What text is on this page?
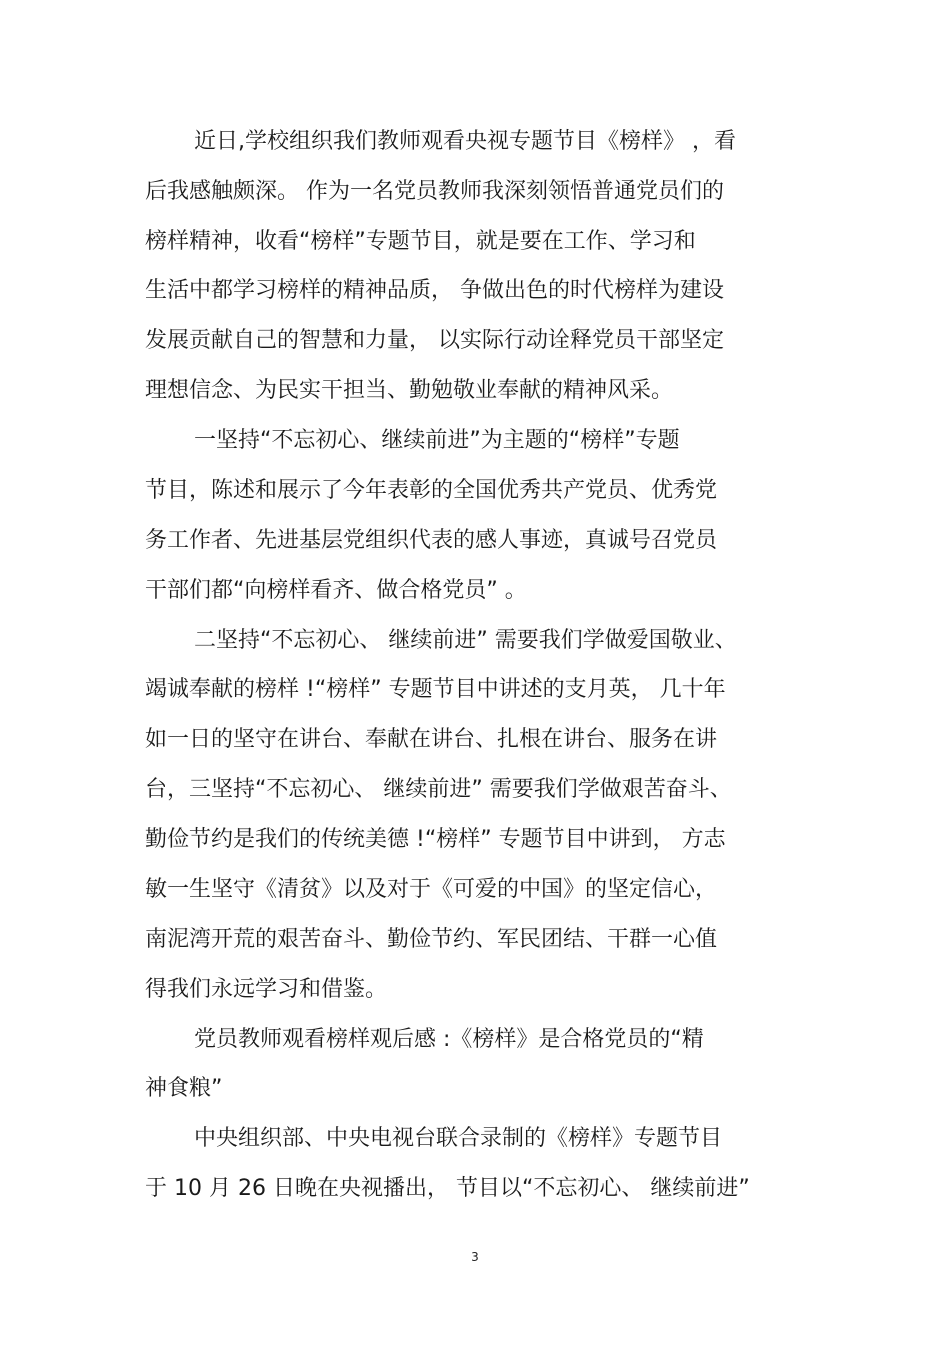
近日,学校组织我们教师观看央视专题节目《榜样》 ，看
后我感触颇深。 作为一名党员教师我深刻领悟普通党员们的
榜样精神，收看“榜样”专题节目，就是要在工作、学习和
生活中都学习榜样的精神品质， 争做出色的时代榜样为建设
发展贡献自己的智慧和力量， 以实际行动诠释党员干部坚定
理想信念、为民实干担当、勤勉敬业奉献的精神风采。
一坚持“不忘初心、继续前进”为主题的“榜样”专题
节目，陈述和展示了今年表彰的全国优秀共产党员、优秀党
务工作者、先进基层党组织代表的感人事迹，真诚号召党员
干部们都“向榜样看齐、做合格党员” 。
二坚持“不忘初心、 继续前进” 需要我们学做爱国敬业、
竭诚奉献的榜样 !“榜样” 专题节目中讲述的支月英， 几十年
如一日的坚守在讲台、奉献在讲台、扎根在讲台、服务在讲
台，三坚持“不忘初心、 继续前进” 需要我们学做艰苦奋斗、
勤俭节约是我们的传统美德 !“榜样” 专题节目中讲到， 方志
敏一生坚守《清贫》以及对于《可爱的中国》的坚定信心，
南泥湾开荒的艰苦奋斗、勤俭节约、军民团结、干群一心值
得我们永远学习和借鉴。
党员教师观看榜样观后感 :《榜样》是合格党员的“精
神食粮”
中央组织部、中央电视台联合录制的《榜样》专题节目
于 10 月 26 日晚在央视播出， 节目以“不忘初心、 继续前进”
3
